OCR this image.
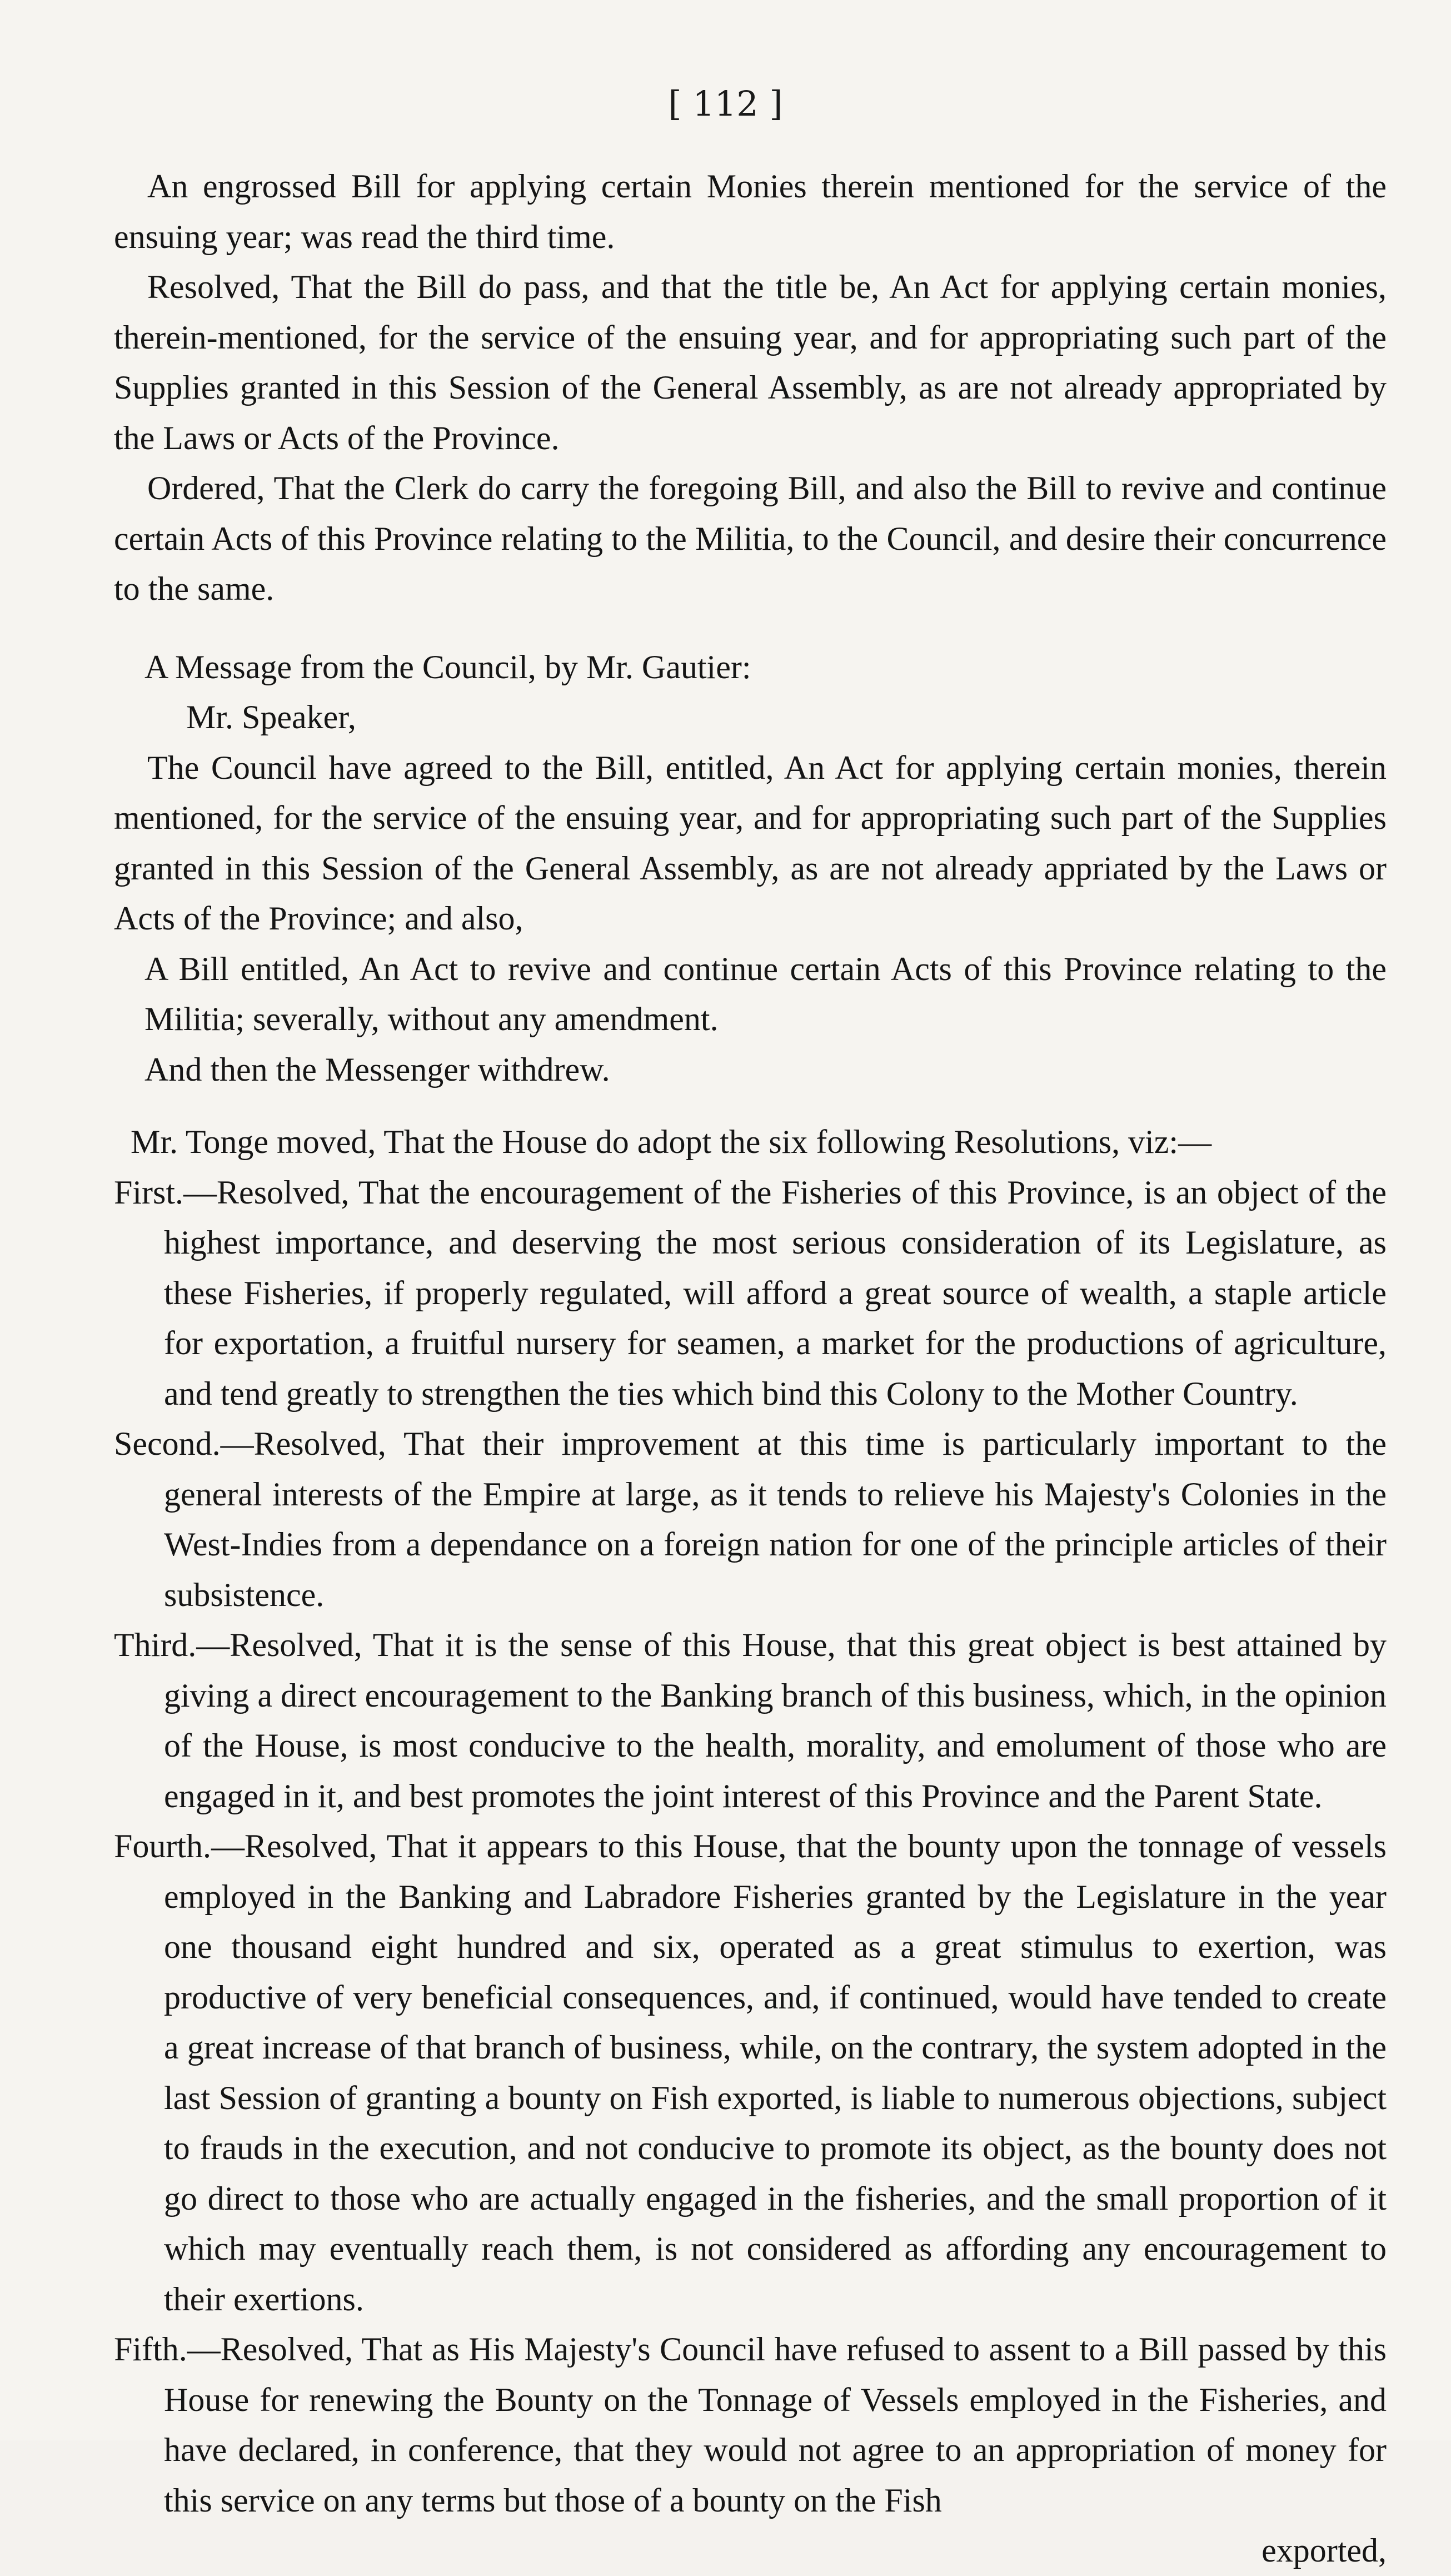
[ 112 ]

An engrossed Bill for applying certain Monies therein mentioned for the service of the ensuing year; was read the third time.

Resolved, That the Bill do pass, and that the title be, An Act for applying certain monies, therein-mentioned, for the service of the ensuing year, and for appropriating such part of the Supplies granted in this Session of the General Assembly, as are not already appropriated by the Laws or Acts of the Province.

Ordered, That the Clerk do carry the foregoing Bill, and also the Bill to revive and continue certain Acts of this Province relating to the Militia, to the Council, and desire their concurrence to the same.

A Message from the Council, by Mr. Gautier:

Mr. Speaker,

The Council have agreed to the Bill, entitled, An Act for applying certain monies, therein mentioned, for the service of the ensuing year, and for appropriating such part of the Supplies granted in this Session of the General Assembly, as are not already appriated by the Laws or Acts of the Province; and also,

A Bill entitled, An Act to revive and continue certain Acts of this Province relating to the Militia; severally, without any amendment.

And then the Messenger withdrew.

Mr. Tonge moved, That the House do adopt the six following Resolutions, viz:—

First.—Resolved, That the encouragement of the Fisheries of this Province, is an object of the highest importance, and deserving the most serious consideration of its Legislature, as these Fisheries, if properly regulated, will afford a great source of wealth, a staple article for exportation, a fruitful nursery for seamen, a market for the productions of agriculture, and tend greatly to strengthen the ties which bind this Colony to the Mother Country.

Second.—Resolved, That their improvement at this time is particularly important to the general interests of the Empire at large, as it tends to relieve his Majesty's Colonies in the West-Indies from a dependance on a foreign nation for one of the principle articles of their subsistence.

Third.—Resolved, That it is the sense of this House, that this great object is best attained by giving a direct encouragement to the Banking branch of this business, which, in the opinion of the House, is most conducive to the health, morality, and emolument of those who are engaged in it, and best promotes the joint interest of this Province and the Parent State.

Fourth.—Resolved, That it appears to this House, that the bounty upon the tonnage of vessels employed in the Banking and Labradore Fisheries granted by the Legislature in the year one thousand eight hundred and six, operated as a great stimulus to exertion, was productive of very beneficial consequences, and, if continued, would have tended to create a great increase of that branch of business, while, on the contrary, the system adopted in the last Session of granting a bounty on Fish exported, is liable to numerous objections, subject to frauds in the execution, and not conducive to promote its object, as the bounty does not go direct to those who are actually engaged in the fisheries, and the small proportion of it which may eventually reach them, is not considered as affording any encouragement to their exertions.

Fifth.—Resolved, That as His Majesty's Council have refused to assent to a Bill passed by this House for renewing the Bounty on the Tonnage of Vessels employed in the Fisheries, and have declared, in conference, that they would not agree to an appropriation of money for this service on any terms but those of a bounty on the Fish

exported,
